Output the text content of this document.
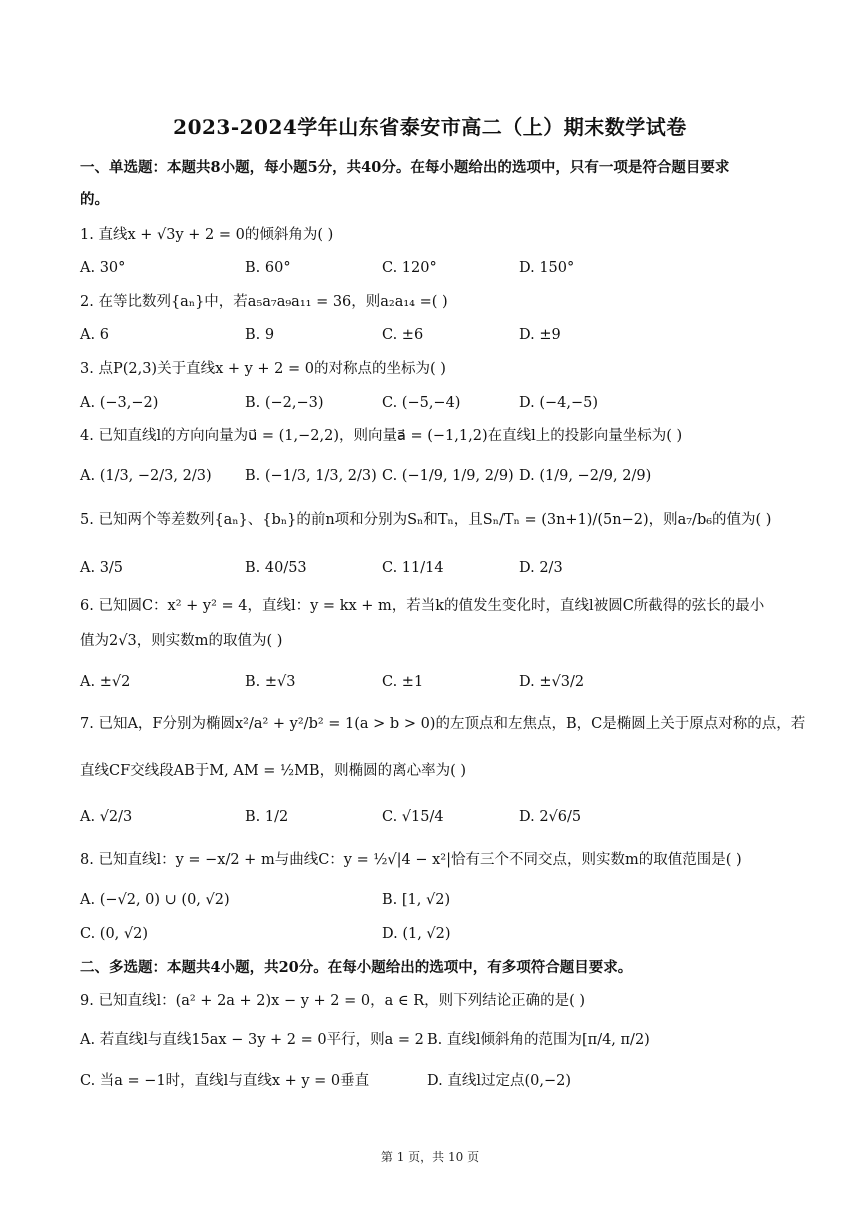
2023-2024学年山东省泰安市高二（上）期末数学试卷
一、单选题：本题共8小题，每小题5分，共40分。在每小题给出的选项中，只有一项是符合题目要求
的。
1. 直线x + √3y + 2 = 0的倾斜角为( )
A. 30°	B. 60°	C. 120°	D. 150°
2. 在等比数列{aₙ}中，若a₅a₇a₉a₁₁ = 36，则a₂a₁₄ =( )
A. 6	B. 9	C. ±6	D. ±9
3. 点P(2,3)关于直线x + y + 2 = 0的对称点的坐标为( )
A. (−3,−2)	B. (−2,−3)	C. (−5,−4)	D. (−4,−5)
4. 已知直线l的方向向量为u⃗ = (1,−2,2)，则向量a⃗ = (−1,1,2)在直线l上的投影向量坐标为( )
A. (1/3, −2/3, 2/3) B. (−1/3, 1/3, 2/3) C. (−1/9, 1/9, 2/9) D. (1/9, −2/9, 2/9)
5. 已知两个等差数列{aₙ}、{bₙ}的前n项和分别为Sₙ和Tₙ，且Sₙ/Tₙ = (3n+1)/(5n−2)，则a₇/b₆的值为( )
A. 3/5	B. 40/53	C. 11/14	D. 2/3
6. 已知圆C：x² + y² = 4，直线l：y = kx + m，若当k的值发生变化时，直线l被圆C所截得的弦长的最小
值为2√3，则实数m的取值为( )
A. ±√2	B. ±√3	C. ±1	D. ±√3/2
7. 已知A，F分别为椭圆x²/a² + y²/b² = 1(a > b > 0)的左顶点和左焦点，B，C是椭圆上关于原点对称的点，若
直线CF交线段AB于M, AM = ½MB，则椭圆的离心率为( )
A. √2/3	B. 1/2	C. √15/4	D. 2√6/5
8. 已知直线l：y = −x/2 + m与曲线C：y = ½√|4 − x²|恰有三个不同交点，则实数m的取值范围是( )
A. (−√2, 0) ∪ (0, √2)	B. [1, √2)
C. (0, √2)	D. (1, √2)
二、多选题：本题共4小题，共20分。在每小题给出的选项中，有多项符合题目要求。
9. 已知直线l：(a² + 2a + 2)x − y + 2 = 0，a ∈ R，则下列结论正确的是( )
A. 若直线l与直线15ax − 3y + 2 = 0平行，则a = 2 B. 直线l倾斜角的范围为[π/4, π/2)
C. 当a = −1时，直线l与直线x + y = 0垂直	D. 直线l过定点(0,−2)
第 1 页，共 10 页
